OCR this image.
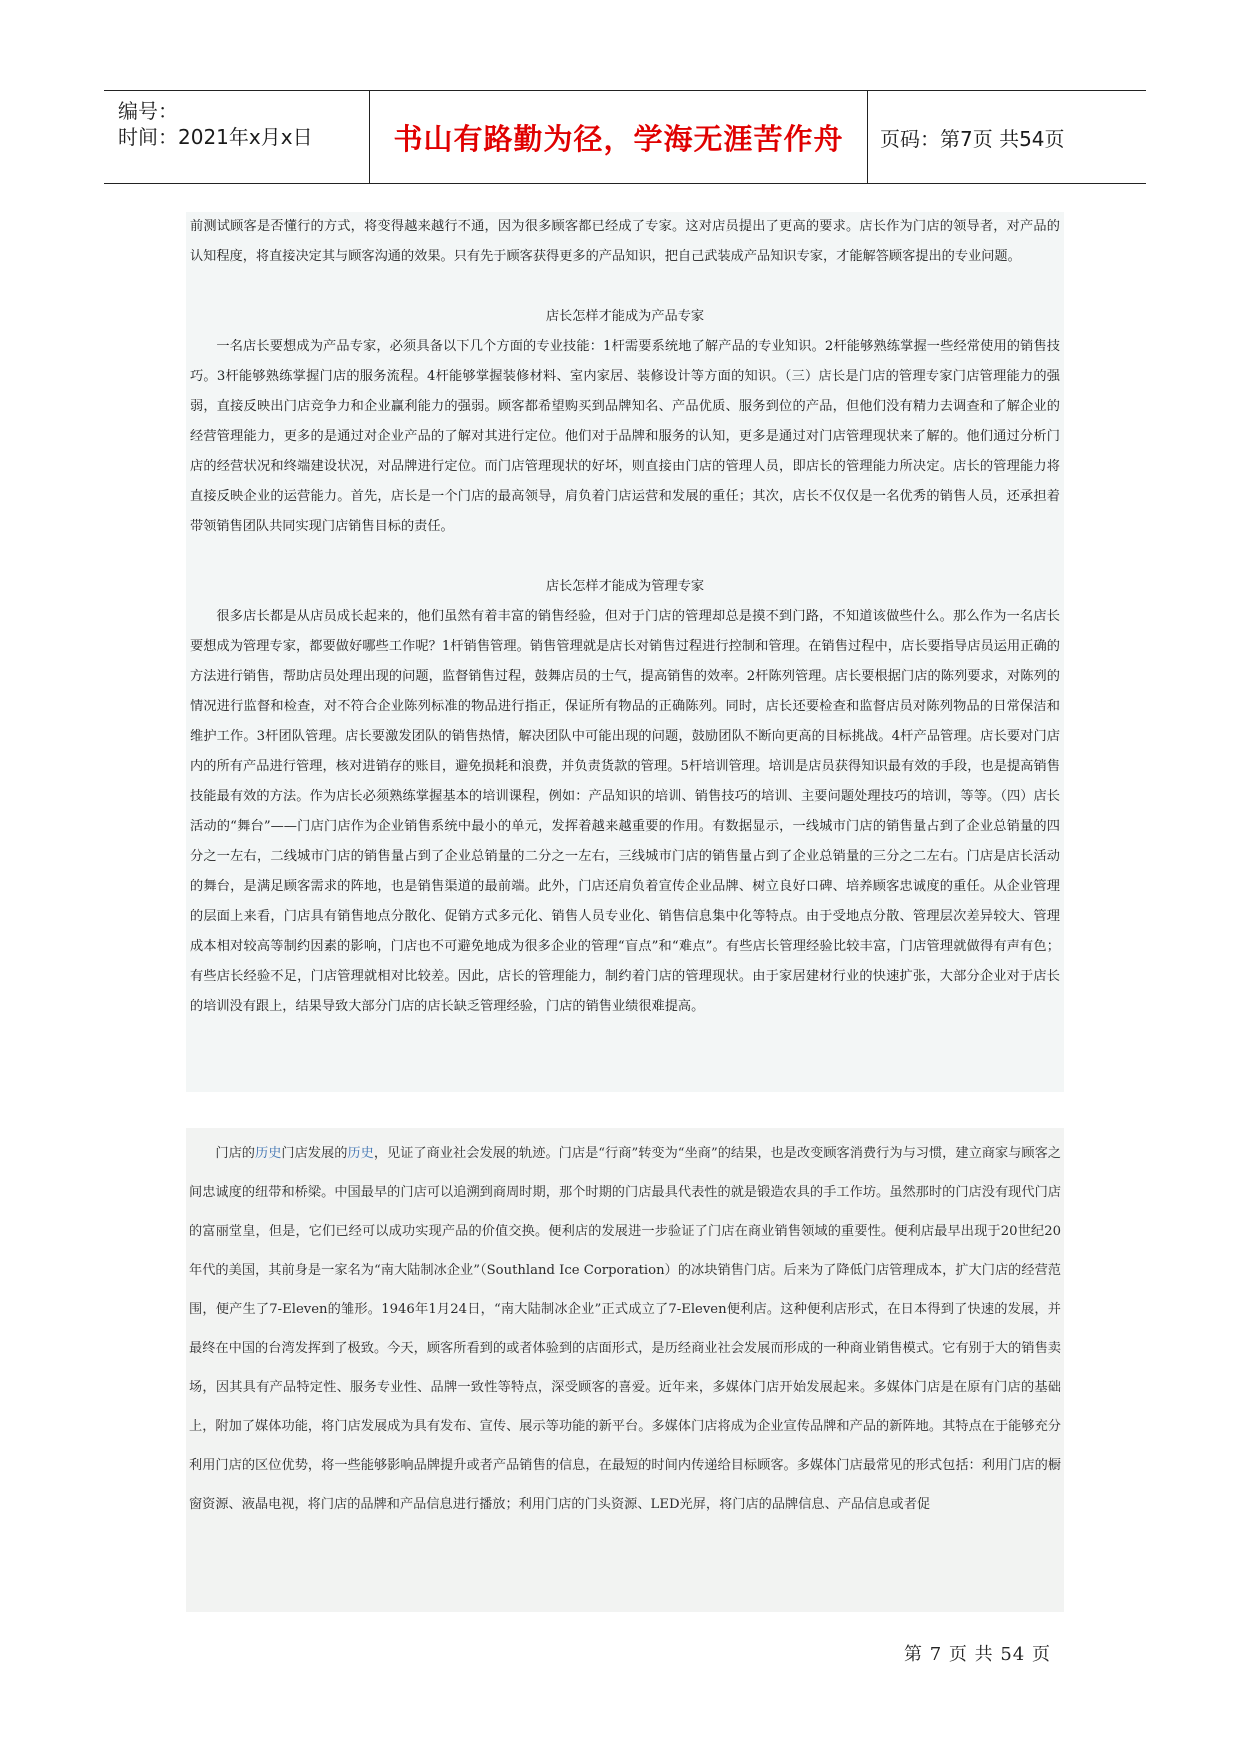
编号：
时间：2021年x月x日	书山有路勤为径，学海无涯苦作舟	页码：第7页 共54页

前测试顾客是否懂行的方式，将变得越来越行不通，因为很多顾客都已经成了专家。这对店员提出了更高的要求。店长作为门店的领导者，对产品的认知程度，将直接决定其与顾客沟通的效果。只有先于顾客获得更多的产品知识，把自己武装成产品知识专家，才能解答顾客提出的专业问题。

店长怎样才能成为产品专家

一名店长要想成为产品专家，必须具备以下几个方面的专业技能：1杆需要系统地了解产品的专业知识。2杆能够熟练掌握一些经常使用的销售技巧。3杆能够熟练掌握门店的服务流程。4杆能够掌握装修材料、室内家居、装修设计等方面的知识。（三）店长是门店的管理专家门店管理能力的强弱，直接反映出门店竞争力和企业赢利能力的强弱。顾客都希望购买到品牌知名、产品优质、服务到位的产品，但他们没有精力去调查和了解企业的经营管理能力，更多的是通过对企业产品的了解对其进行定位。他们对于品牌和服务的认知，更多是通过对门店管理现状来了解的。他们通过分析门店的经营状况和终端建设状况，对品牌进行定位。而门店管理现状的好坏，则直接由门店的管理人员，即店长的管理能力所决定。店长的管理能力将直接反映企业的运营能力。首先，店长是一个门店的最高领导，肩负着门店运营和发展的重任；其次，店长不仅仅是一名优秀的销售人员，还承担着带领销售团队共同实现门店销售目标的责任。

店长怎样才能成为管理专家

很多店长都是从店员成长起来的，他们虽然有着丰富的销售经验，但对于门店的管理却总是摸不到门路，不知道该做些什么。那么作为一名店长要想成为管理专家，都要做好哪些工作呢？1杆销售管理。销售管理就是店长对销售过程进行控制和管理。在销售过程中，店长要指导店员运用正确的方法进行销售，帮助店员处理出现的问题，监督销售过程，鼓舞店员的士气，提高销售的效率。2杆陈列管理。店长要根据门店的陈列要求，对陈列的情况进行监督和检查，对不符合企业陈列标准的物品进行指正，保证所有物品的正确陈列。同时，店长还要检查和监督店员对陈列物品的日常保洁和维护工作。3杆团队管理。店长要激发团队的销售热情，解决团队中可能出现的问题，鼓励团队不断向更高的目标挑战。4杆产品管理。店长要对门店内的所有产品进行管理，核对进销存的账目，避免损耗和浪费，并负责货款的管理。5杆培训管理。培训是店员获得知识最有效的手段，也是提高销售技能最有效的方法。作为店长必须熟练掌握基本的培训课程，例如：产品知识的培训、销售技巧的培训、主要问题处理技巧的培训，等等。（四）店长活动的“舞台”——门店门店作为企业销售系统中最小的单元，发挥着越来越重要的作用。有数据显示，一线城市门店的销售量占到了企业总销量的四分之一左右，二线城市门店的销售量占到了企业总销量的二分之一左右，三线城市门店的销售量占到了企业总销量的三分之二左右。门店是店长活动的舞台，是满足顾客需求的阵地，也是销售渠道的最前端。此外，门店还肩负着宣传企业品牌、树立良好口碑、培养顾客忠诚度的重任。从企业管理的层面上来看，门店具有销售地点分散化、促销方式多元化、销售人员专业化、销售信息集中化等特点。由于受地点分散、管理层次差异较大、管理成本相对较高等制约因素的影响，门店也不可避免地成为很多企业的管理“盲点”和“难点”。有些店长管理经验比较丰富，门店管理就做得有声有色；有些店长经验不足，门店管理就相对比较差。因此，店长的管理能力，制约着门店的管理现状。由于家居建材行业的快速扩张，大部分企业对于店长的培训没有跟上，结果导致大部分门店的店长缺乏管理经验，门店的销售业绩很难提高。

门店的历史门店发展的历史，见证了商业社会发展的轨迹。门店是“行商”转变为“坐商”的结果，也是改变顾客消费行为与习惯，建立商家与顾客之间忠诚度的纽带和桥梁。中国最早的门店可以追溯到商周时期，那个时期的门店最具代表性的就是锻造农具的手工作坊。虽然那时的门店没有现代门店的富丽堂皇，但是，它们已经可以成功实现产品的价值交换。便利店的发展进一步验证了门店在商业销售领域的重要性。便利店最早出现于20世纪20年代的美国，其前身是一家名为“南大陆制冰企业”（Southland Ice Corporation）的冰块销售门店。后来为了降低门店管理成本，扩大门店的经营范围，便产生了7-Eleven的雏形。1946年1月24日，“南大陆制冰企业”正式成立了7-Eleven便利店。这种便利店形式，在日本得到了快速的发展，并最终在中国的台湾发挥到了极致。今天，顾客所看到的或者体验到的店面形式，是历经商业社会发展而形成的一种商业销售模式。它有别于大的销售卖场，因其具有产品特定性、服务专业性、品牌一致性等特点，深受顾客的喜爱。近年来，多媒体门店开始发展起来。多媒体门店是在原有门店的基础上，附加了媒体功能，将门店发展成为具有发布、宣传、展示等功能的新平台。多媒体门店将成为企业宣传品牌和产品的新阵地。其特点在于能够充分利用门店的区位优势，将一些能够影响品牌提升或者产品销售的信息，在最短的时间内传递给目标顾客。多媒体门店最常见的形式包括：利用门店的橱窗资源、液晶电视，将门店的品牌和产品信息进行播放；利用门店的门头资源、LED光屏，将门店的品牌信息、产品信息或者促

第 7 页 共 54 页
